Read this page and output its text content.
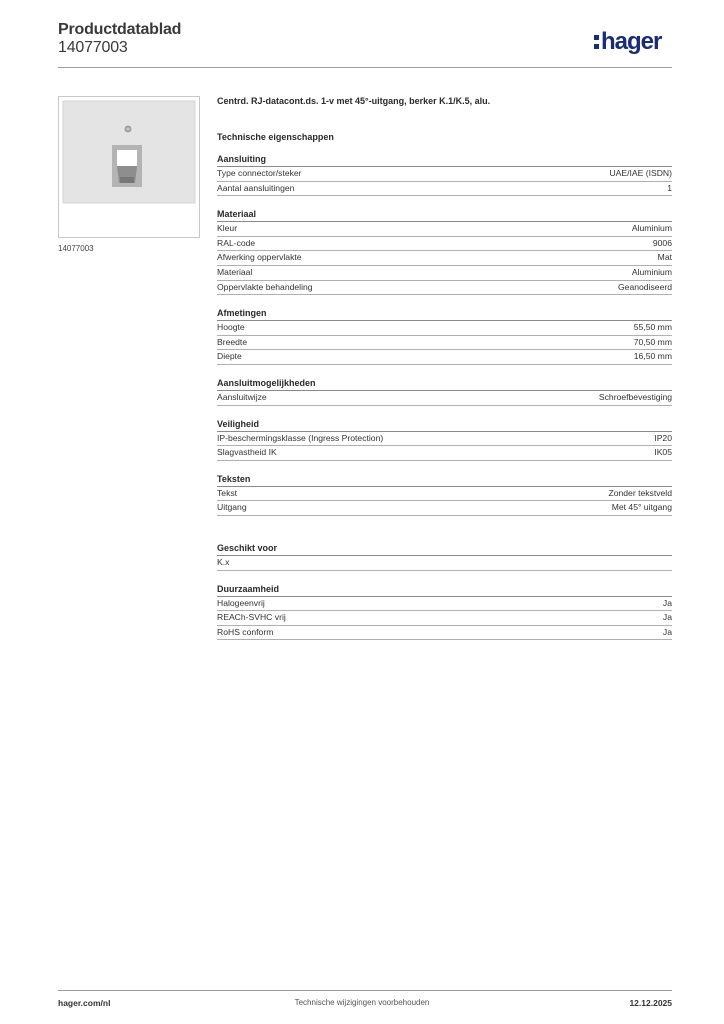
Productdatablad
14077003	hager
14077003
Centrd. RJ-datacont.ds. 1-v met 45°-uitgang, berker K.1/K.5, alu.
Technische eigenschappen
Aansluiting
Type connector/steker	UAE/IAE (ISDN)
Aantal aansluitingen	1
Materiaal
Kleur	Aluminium
RAL-code	9006
Afwerking oppervlakte	Mat
Materiaal	Aluminium
Oppervlakte behandeling	Geanodiseerd
Afmetingen
Hoogte	55,50 mm
Breedte	70,50 mm
Diepte	16,50 mm
Aansluitmogelijkheden
Aansluitwijze	Schroefbevestiging
Veiligheid
IP-beschermingsklasse (Ingress Protection)	IP20
Slagvastheid IK	IK05
Teksten
Tekst	Zonder tekstveld
Uitgang	Met 45° uitgang
Geschikt voor
K.x
Duurzaamheid
Halogeenvrij	Ja
REACh-SVHC vrij	Ja
RoHS conform	Ja
hager.com/nl	Technische wijzigingen voorbehouden	12.12.2025
